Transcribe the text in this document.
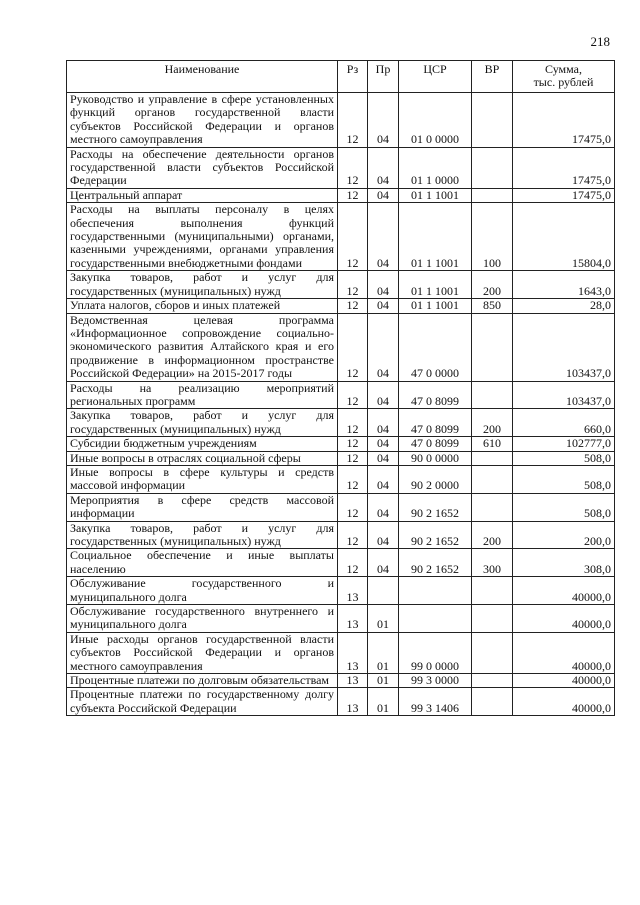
218
Наименование	Рз	Пр	ЦСР	ВР	Сумма,
тыс. рублей

Руководство и управление в сфере установленных функций органов государственной власти субъектов Российской Федерации и органов местного самоуправления	12	04	01 0 0000		17475,0
Расходы на обеспечение деятельности органов государственной власти субъектов Российской Федерации	12	04	01 1 0000		17475,0
Центральный аппарат	12	04	01 1 1001		17475,0
Расходы на выплаты персоналу в целях обеспечения выполнения функций государственными (муниципальными) органами, казенными учреждениями, органами управления государственными внебюджетными фондами	12	04	01 1 1001	100	15804,0
Закупка товаров, работ и услуг для государственных (муниципальных) нужд	12	04	01 1 1001	200	1643,0
Уплата налогов, сборов и иных платежей	12	04	01 1 1001	850	28,0
Ведомственная целевая программа «Информационное сопровождение социально-экономического развития Алтайского края и его продвижение в информационном пространстве Российской Федерации» на 2015-2017 годы	12	04	47 0 0000		103437,0
Расходы на реализацию мероприятий региональных программ	12	04	47 0 8099		103437,0
Закупка товаров, работ и услуг для государственных (муниципальных) нужд	12	04	47 0 8099	200	660,0
Субсидии бюджетным учреждениям	12	04	47 0 8099	610	102777,0
Иные вопросы в отраслях социальной сферы	12	04	90 0 0000		508,0
Иные вопросы в сфере культуры и средств массовой информации	12	04	90 2 0000		508,0
Мероприятия в сфере средств массовой информации	12	04	90 2 1652		508,0
Закупка товаров, работ и услуг для государственных (муниципальных) нужд	12	04	90 2 1652	200	200,0
Социальное обеспечение и иные выплаты населению	12	04	90 2 1652	300	308,0
Обслуживание государственного и муниципального долга	13				40000,0
Обслуживание государственного внутреннего и муниципального долга	13	01			40000,0
Иные расходы органов государственной власти субъектов Российской Федерации и органов местного самоуправления	13	01	99 0 0000		40000,0
Процентные платежи по долговым обязательствам	13	01	99 3 0000		40000,0
Процентные платежи по государственному долгу субъекта Российской Федерации	13	01	99 3 1406		40000,0
